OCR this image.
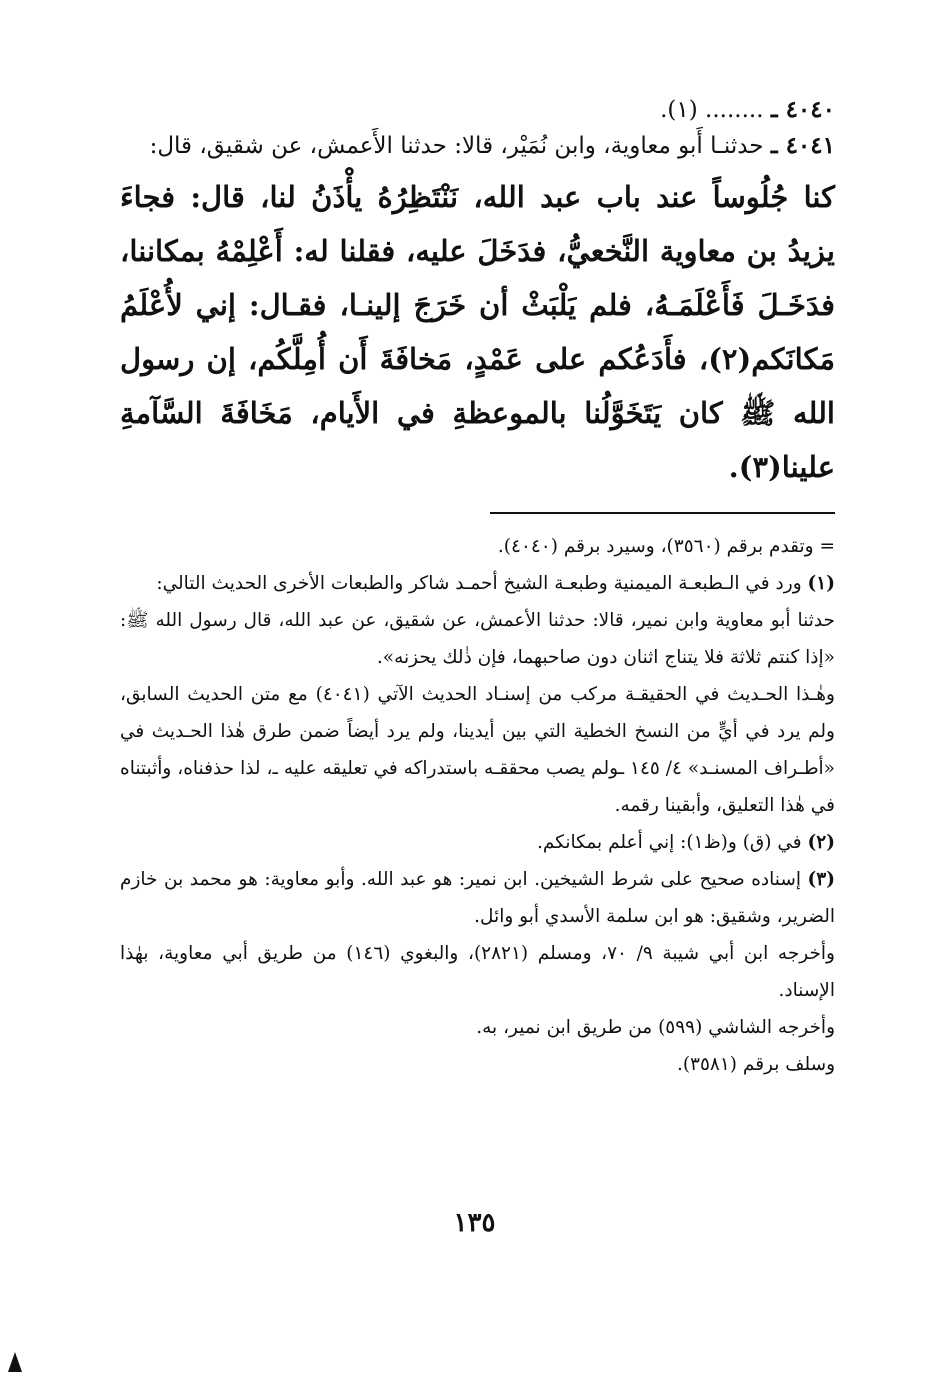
٤٠٤٠ ـ ........ (١).

٤٠٤١ ـ حدثنـا أَبو معاوية، وابن نُمَيْر، قالا: حدثنا الأَعمش، عن شقيق، قال:

كنا جُلُوساً عند باب عبد الله، نَنْتَظِرُهُ يأْذَنُ لنا، قال: فجاءَ يزيدُ بن معاوية النَّخعيُّ، فدَخَلَ عليه، فقلنا له: أَعْلِمْهُ بمكاننا، فدَخَـلَ فَأَعْلَمَـهُ، فلم يَلْبَثْ أن خَرَجَ إلينـا، فقـال: إني لأُعْلَمُ مَكانَكم(٢)، فأَدَعُكم على عَمْدٍ، مَخافَةَ أَن أُمِلَّكُم، إن رسول الله ﷺ كان يَتَخَوَّلُنا بالموعظةِ في الأَيام، مَخَافَةَ السَّآمةِ علينا(٣).

= وتقدم برقم (٣٥٦٠)، وسيرد برقم (٤٠٤٠).

(١) ورد في الـطبعـة الميمنية وطبعـة الشيخ أحمـد شاكر والطبعات الأخرى الحديث التالي:

حدثنا أبو معاوية وابن نمير، قالا: حدثنا الأعمش، عن شقيق، عن عبد الله، قال رسول الله ﷺ: «إذا كنتم ثلاثة فلا يتناج اثنان دون صاحبهما، فإن ذٰلك يحزنه».

وهٰـذا الحـديث في الحقيقـة مركب من إسنـاد الحديث الآتي (٤٠٤١) مع متن الحديث السابق، ولم يرد في أيٍّ من النسخ الخطية التي بين أيدينا، ولم يرد أيضاً ضمن طرق هٰذا الحـديث في «أطـراف المسنـد» ٤/ ١٤٥ ـولم يصب محققـه باستدراكه في تعليقه عليه ـ، لذا حذفناه، وأثبتناه في هٰذا التعليق، وأبقينا رقمه.

(٢) في (ق) و(ظ١): إني أعلم بمكانكم.

(٣) إسناده صحيح على شرط الشيخين. ابن نمير: هو عبد الله. وأبو معاوية: هو محمد بن خازم الضرير، وشقيق: هو ابن سلمة الأسدي أبو وائل.

وأخرجه ابن أبي شيبة ٩/ ٧٠، ومسلم (٢٨٢١)، والبغوي (١٤٦) من طريق أبي معاوية، بهٰذا الإسناد.

وأخرجه الشاشي (٥٩٩) من طريق ابن نمير، به.

وسلف برقم (٣٥٨١).

١٣٥
